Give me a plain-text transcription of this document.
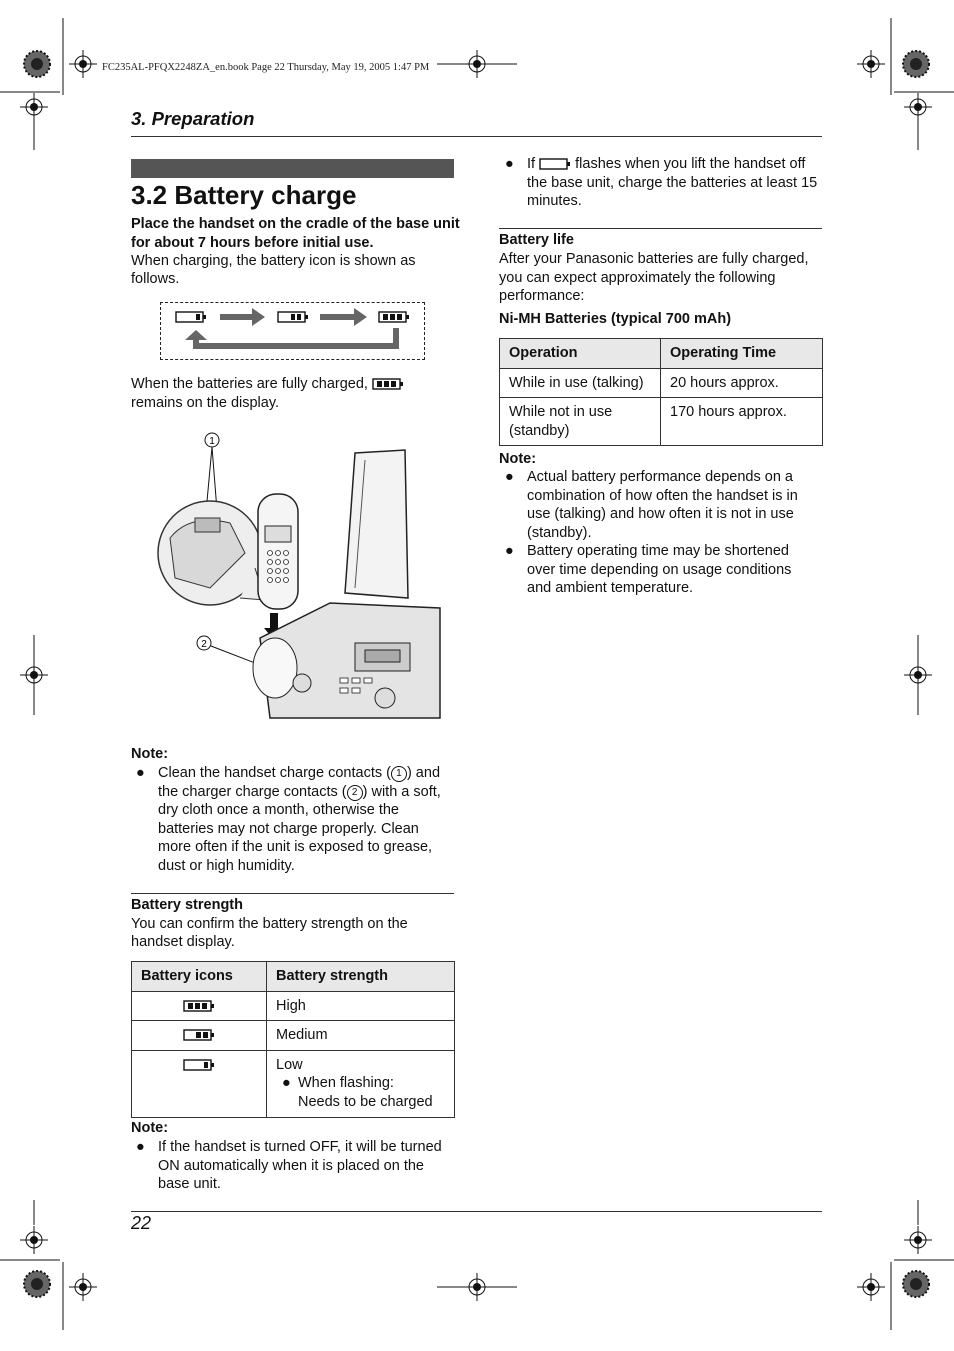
FC235AL-PFQX2248ZA_en.book Page 22 Thursday, May 19, 2005 1:47 PM
3. Preparation
3.2 Battery charge
Place the handset on the cradle of the base unit for about 7 hours before initial use.
When charging, the battery icon is shown as
follows.
When the batteries are fully charged,
remains on the display.
1
2
Note:
● Clean the handset charge contacts ( 1 ) and
the charger charge contacts ( 2 ) with a soft,
dry cloth once a month, otherwise the
batteries may not charge properly. Clean
more often if the unit is exposed to grease,
dust or high humidity.
Battery strength
You can confirm the battery strength on the
handset display.
Battery icons	Battery strength
	High
	Medium

Low
● When flashing:
Needs to be charged
Note:
● If the handset is turned OFF, it will be turned
ON automatically when it is placed on the
base unit.
● If	flashes when you lift the handset off
the base unit, charge the batteries at least 15
minutes.
Battery life
After your Panasonic batteries are fully charged,
you can expect approximately the following
performance:
Ni-MH Batteries (typical 700 mAh)
Operation	Operating Time
While in use (talking)	20 hours approx.

While not in use
(standby)	170 hours approx.
Note:
● Actual battery performance depends on a
combination of how often the handset is in
use (talking) and how often it is not in use
(standby).
● Battery operating time may be shortened
over time depending on usage conditions
and ambient temperature.
22
